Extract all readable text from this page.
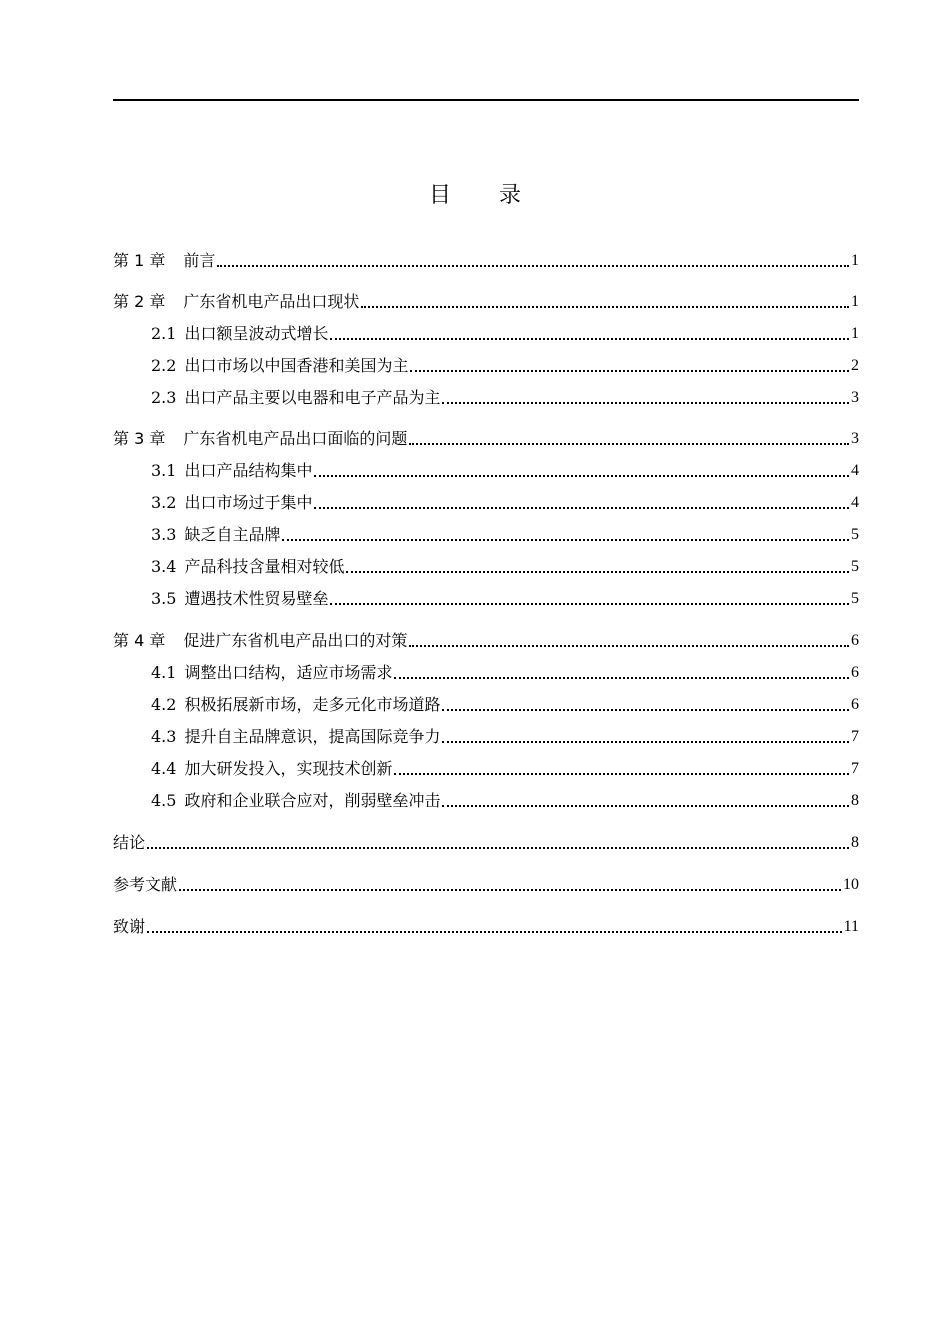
目录
第 1 章 前言	1
第 2 章 广东省机电产品出口现状	1
2.1 出口额呈波动式增长	1
2.2 出口市场以中国香港和美国为主	2
2.3 出口产品主要以电器和电子产品为主	3
第 3 章 广东省机电产品出口面临的问题	3
3.1 出口产品结构集中	4
3.2 出口市场过于集中	4
3.3 缺乏自主品牌	5
3.4 产品科技含量相对较低	5
3.5 遭遇技术性贸易壁垒	5
第 4 章 促进广东省机电产品出口的对策	6
4.1 调整出口结构，适应市场需求	6
4.2 积极拓展新市场，走多元化市场道路	6
4.3 提升自主品牌意识，提高国际竞争力	7
4.4 加大研发投入，实现技术创新	7
4.5 政府和企业联合应对，削弱壁垒冲击	8
结论	8
参考文献	10
致谢	11
